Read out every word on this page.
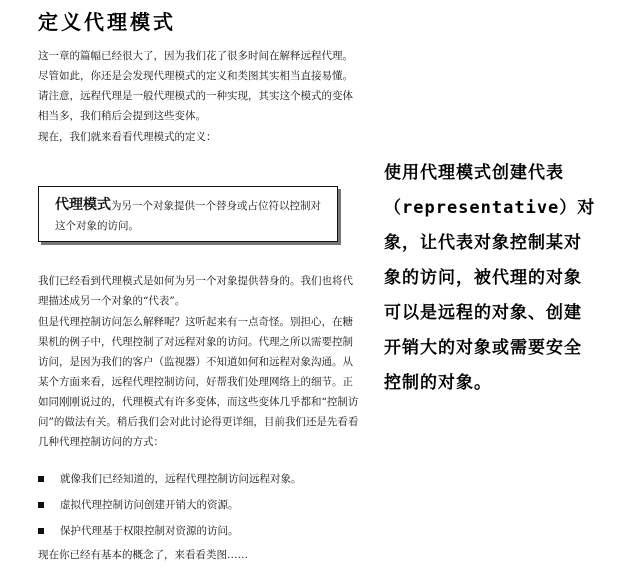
定义代理模式

这一章的篇幅已经很大了，因为我们花了很多时间在解释远程代理。尽管如此，你还是会发现代理模式的定义和类图其实相当直接易懂。请注意，远程代理是一般代理模式的一种实现，其实这个模式的变体相当多，我们稍后会提到这些变体。

现在，我们就来看看代理模式的定义：

代理模式为另一个对象提供一个替身或占位符以控制对这个对象的访问。

我们已经看到代理模式是如何为另一个对象提供替身的。我们也将代理描述成另一个对象的“代表”。

但是代理控制访问怎么解释呢？这听起来有一点奇怪。别担心，在糖果机的例子中，代理控制了对远程对象的访问。代理之所以需要控制访问，是因为我们的客户（监视器）不知道如何和远程对象沟通。从某个方面来看，远程代理控制访问，好帮我们处理网络上的细节。正如同刚刚说过的，代理模式有许多变体，而这些变体几乎都和“控制访问”的做法有关。稍后我们会对此讨论得更详细，目前我们还是先看看几种代理控制访问的方式：

就像我们已经知道的，远程代理控制访问远程对象。
虚拟代理控制访问创建开销大的资源。
保护代理基于权限控制对资源的访问。

现在你已经有基本的概念了，来看看类图……

使用代理模式创建代表（representative）对象，让代表对象控制某对象的访问，被代理的对象可以是远程的对象、创建开销大的对象或需要安全控制的对象。
